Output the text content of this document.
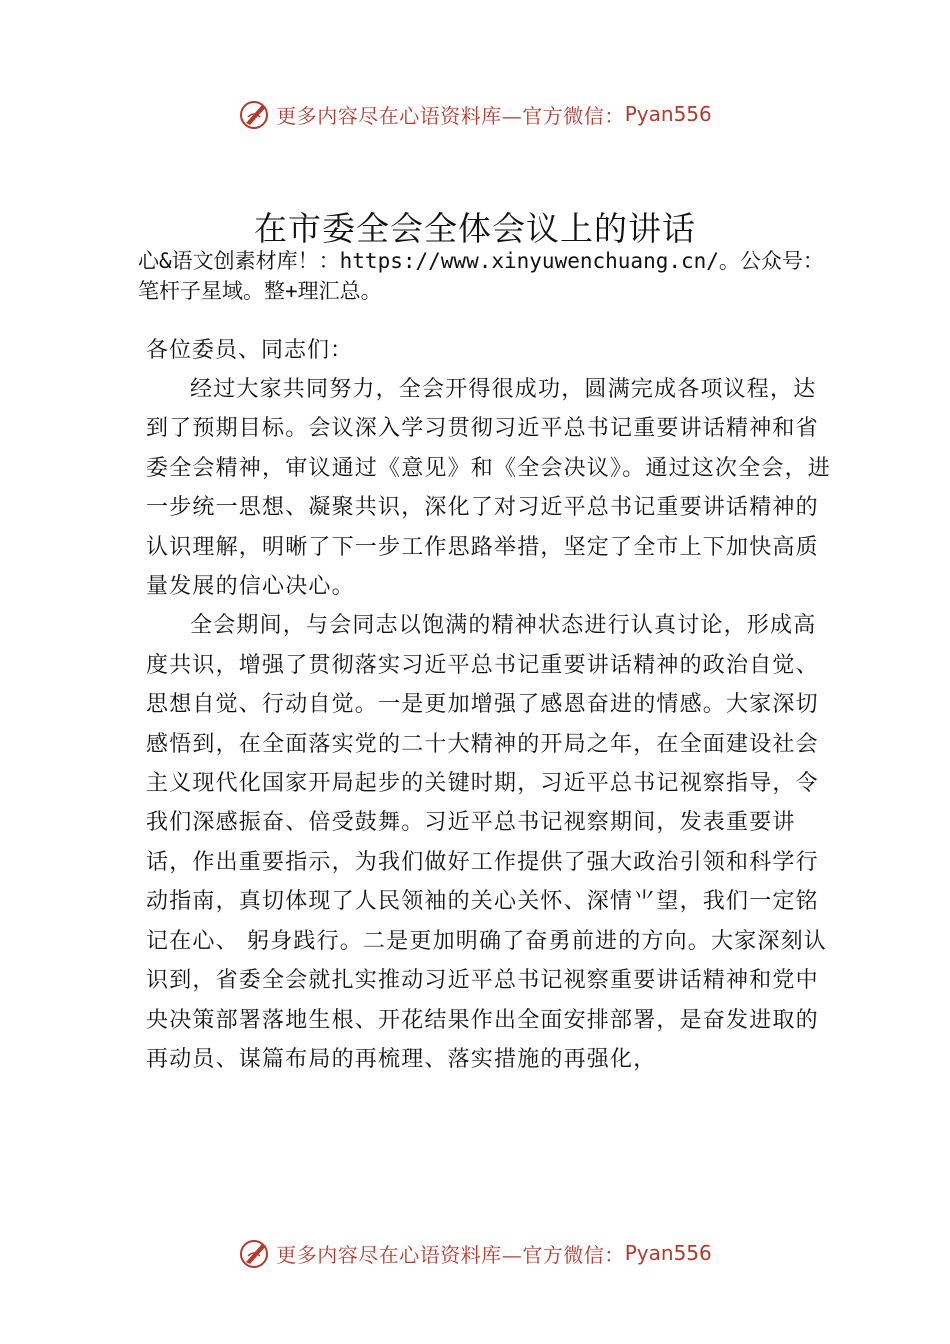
更多内容尽在心语资料库—官方微信： Pyan556
在市委全会全体会议上的讲话
心&语文创素材库！：https://www.xinyuwenchuang.cn/。公众号：笔杆子星域。整+理汇总。
各位委员、同志们：

经过大家共同努力，全会开得很成功，圆满完成各项议程，达到了预期目标。会议深入学习贯彻习近平总书记重要讲话精神和省委全会精神，审议通过《意见》和《全会决议》。通过这次全会，进一步统一思想、凝聚共识，深化了对习近平总书记重要讲话精神的认识理解，明晰了下一步工作思路举措，坚定了全市上下加快高质量发展的信心决心。

全会期间，与会同志以饱满的精神状态进行认真讨论，形成高度共识，增强了贯彻落实习近平总书记重要讲话精神的政治自觉、思想自觉、行动自觉。一是更加增强了感恩奋进的情感。大家深切感悟到，在全面落实党的二十大精神的开局之年，在全面建设社会主义现代化国家开局起步的关键时期，习近平总书记视察指导，令我们深感振奋、倍受鼓舞。习近平总书记视察期间，发表重要讲话，作出重要指示，为我们做好工作提供了强大政治引领和科学行动指南，真切体现了人民领袖的关心关怀、深情⺌望，我们一定铭记在心、 躬身践行。二是更加明确了奋勇前进的方向。大家深刻认识到，省委全会就扎实推动习近平总书记视察重要讲话精神和党中央决策部署落地生根、开花结果作出全面安排部署，是奋发进取的再动员、谋篇布局的再梳理、落实措施的再强化，

更多内容尽在心语资料库—官方微信： Pyan556
